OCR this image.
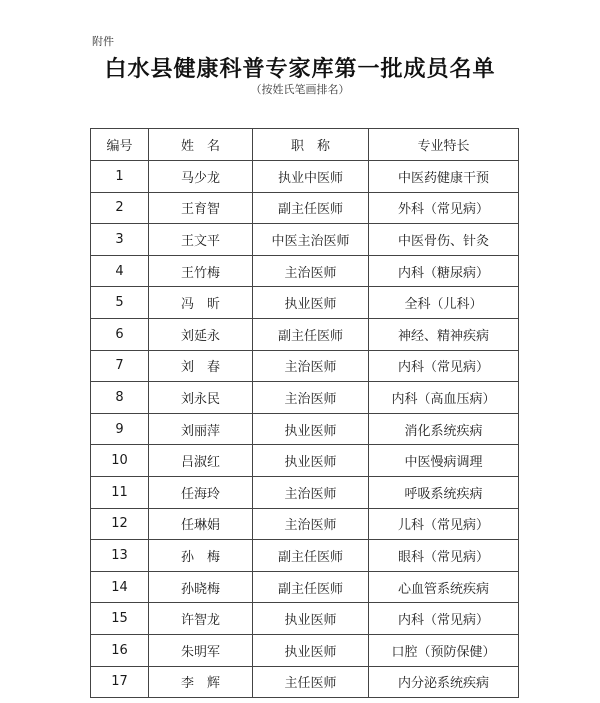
附件
白水县健康科普专家库第一批成员名单
（按姓氏笔画排名）
编号	姓　名	职　称	专业特长
1	马少龙	执业中医师	中医药健康干预
2	王育智	副主任医师	外科（常见病）
3	王文平	中医主治医师	中医骨伤、针灸
4	王竹梅	主治医师	内科（糖尿病）
5	冯　昕	执业医师	全科（儿科）
6	刘延永	副主任医师	神经、精神疾病
7	刘　春	主治医师	内科（常见病）
8	刘永民	主治医师	内科（高血压病）
9	刘丽萍	执业医师	消化系统疾病
10	吕淑红	执业医师	中医慢病调理
11	任海玲	主治医师	呼吸系统疾病
12	任琳娟	主治医师	儿科（常见病）
13	孙　梅	副主任医师	眼科（常见病）
14	孙晓梅	副主任医师	心血管系统疾病
15	许智龙	执业医师	内科（常见病）
16	朱明军	执业医师	口腔（预防保健）
17	李　辉	主任医师	内分泌系统疾病
